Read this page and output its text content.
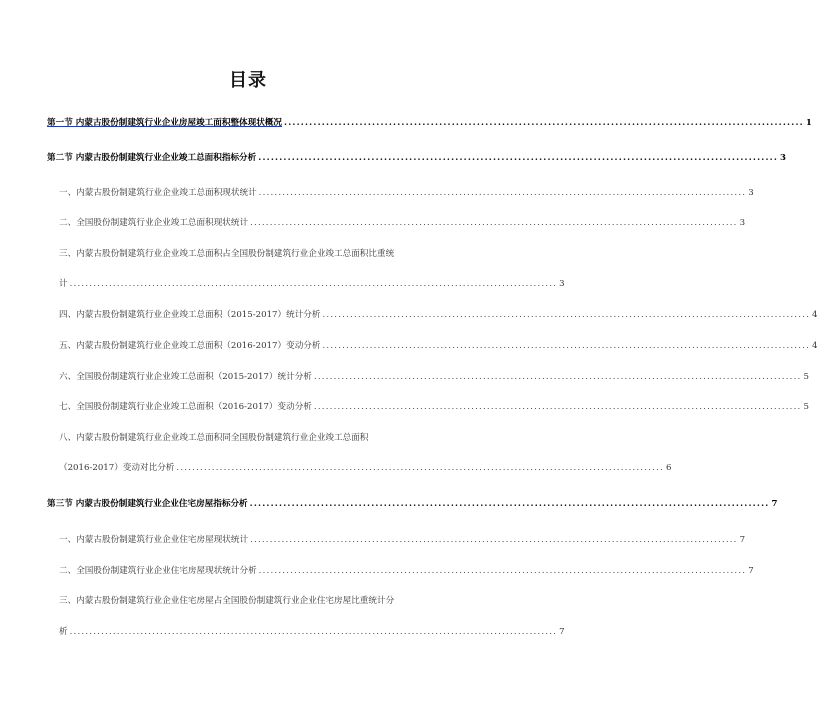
目录
第一节 内蒙古股份制建筑行业企业房屋竣工面积整体现状概况 ............................................................................................................................ 1
第二节 内蒙古股份制建筑行业企业竣工总面积指标分析 ............................................................................................................................ 3
一、内蒙古股份制建筑行业企业竣工总面积现状统计 ............................................................................................................................ 3
二、全国股份制建筑行业企业竣工总面积现状统计 ............................................................................................................................ 3
三、内蒙古股份制建筑行业企业竣工总面积占全国股份制建筑行业企业竣工总面积比重统
计 ............................................................................................................................ 3
四、内蒙古股份制建筑行业企业竣工总面积（2015-2017）统计分析 ............................................................................................................................ 4
五、内蒙古股份制建筑行业企业竣工总面积（2016-2017）变动分析 ............................................................................................................................ 4
六、全国股份制建筑行业企业竣工总面积（2015-2017）统计分析 ............................................................................................................................ 5
七、全国股份制建筑行业企业竣工总面积（2016-2017）变动分析 ............................................................................................................................ 5
八、内蒙古股份制建筑行业企业竣工总面积同全国股份制建筑行业企业竣工总面积
（2016-2017）变动对比分析 ............................................................................................................................ 6
第三节 内蒙古股份制建筑行业企业住宅房屋指标分析 ............................................................................................................................ 7
一、内蒙古股份制建筑行业企业住宅房屋现状统计 ............................................................................................................................ 7
二、全国股份制建筑行业企业住宅房屋现状统计分析 ............................................................................................................................ 7
三、内蒙古股份制建筑行业企业住宅房屋占全国股份制建筑行业企业住宅房屋比重统计分
析 ............................................................................................................................ 7
